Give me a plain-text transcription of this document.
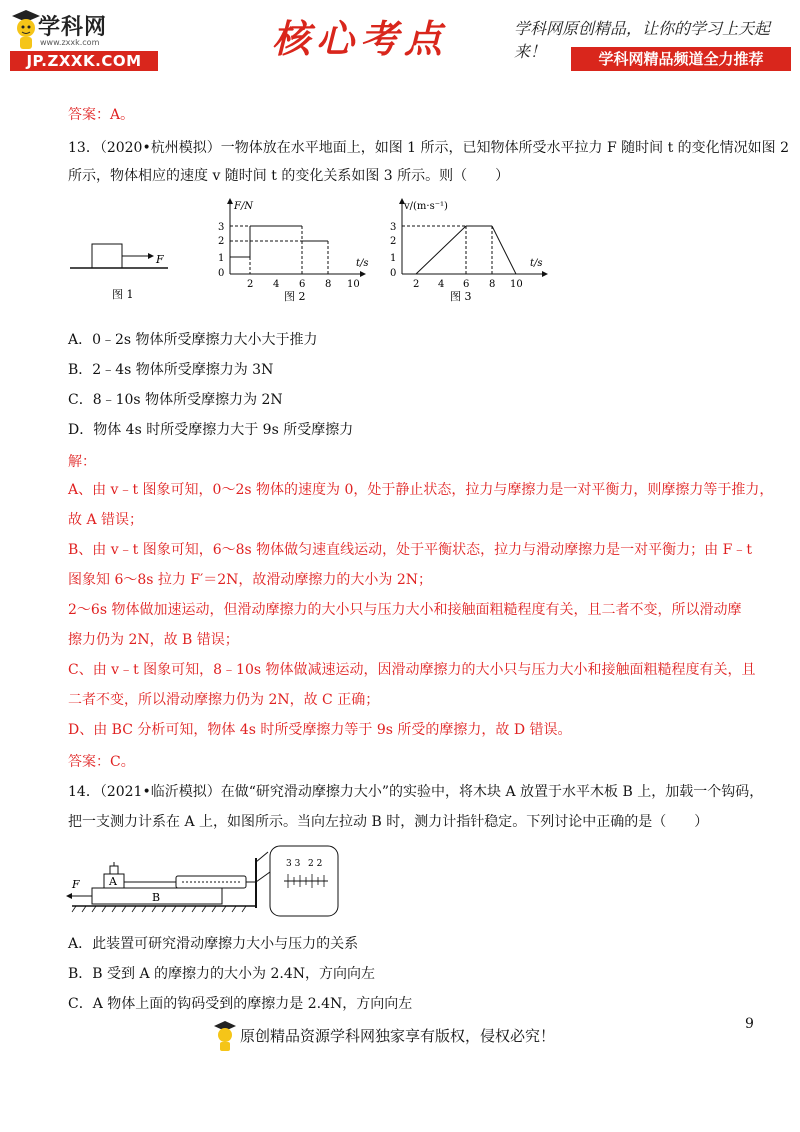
学科网
www.zxxk.com
JP.ZXXK.COM	核心考点	学科网原创精品，让你的学习上天起来！	学科网精品频道全力推荐
答案：A。
13．（2020•杭州模拟）一物体放在水平地面上，如图 1 所示，已知物体所受水平拉力 F 随时间 t 的变化情况如图 2
所示，物体相应的速度 v 随时间 t 的变化关系如图 3 所示。则（　　）
F
图 1
F/N
t/s
3
2
1
0
2 4 6 8 10
图 2
v/(m·s⁻¹)
t/s
3
2
1
0
2 4 6 8 10
图 3
A．0﹣2s 物体所受摩擦力大小大于推力
B．2﹣4s 物体所受摩擦力为 3N
C．8﹣10s 物体所受摩擦力为 2N
D．物体 4s 时所受摩擦力大于 9s 所受摩擦力
解：
A、由 v﹣t 图象可知，0～2s 物体的速度为 0，处于静止状态，拉力与摩擦力是一对平衡力，则摩擦力等于推力，
故 A 错误；
B、由 v﹣t 图象可知，6～8s 物体做匀速直线运动，处于平衡状态，拉力与滑动摩擦力是一对平衡力；由 F﹣t
图象知 6～8s 拉力 F′＝2N，故滑动摩擦力的大小为 2N；
2～6s 物体做加速运动，但滑动摩擦力的大小只与压力大小和接触面粗糙程度有关，且二者不变，所以滑动摩
擦力仍为 2N，故 B 错误；
C、由 v﹣t 图象可知，8﹣10s 物体做减速运动，因滑动摩擦力的大小只与压力大小和接触面粗糙程度有关，且
二者不变，所以滑动摩擦力仍为 2N，故 C 正确；
D、由 BC 分析可知，物体 4s 时所受摩擦力等于 9s 所受的摩擦力，故 D 错误。
答案：C。
14．（2021•临沂模拟）在做“研究滑动摩擦力大小”的实验中，将木块 A 放置于水平木板 B 上，加载一个钩码，
把一支测力计系在 A 上，如图所示。当向左拉动 B 时，测力计指针稳定。下列讨论中正确的是（　　）
B
A
F
3 3 2 2
A．此装置可研究滑动摩擦力大小与压力的关系
B．B 受到 A 的摩擦力的大小为 2.4N，方向向左
C．A 物体上面的钩码受到的摩擦力是 2.4N，方向向左
9
原创精品资源学科网独家享有版权，侵权必究！
